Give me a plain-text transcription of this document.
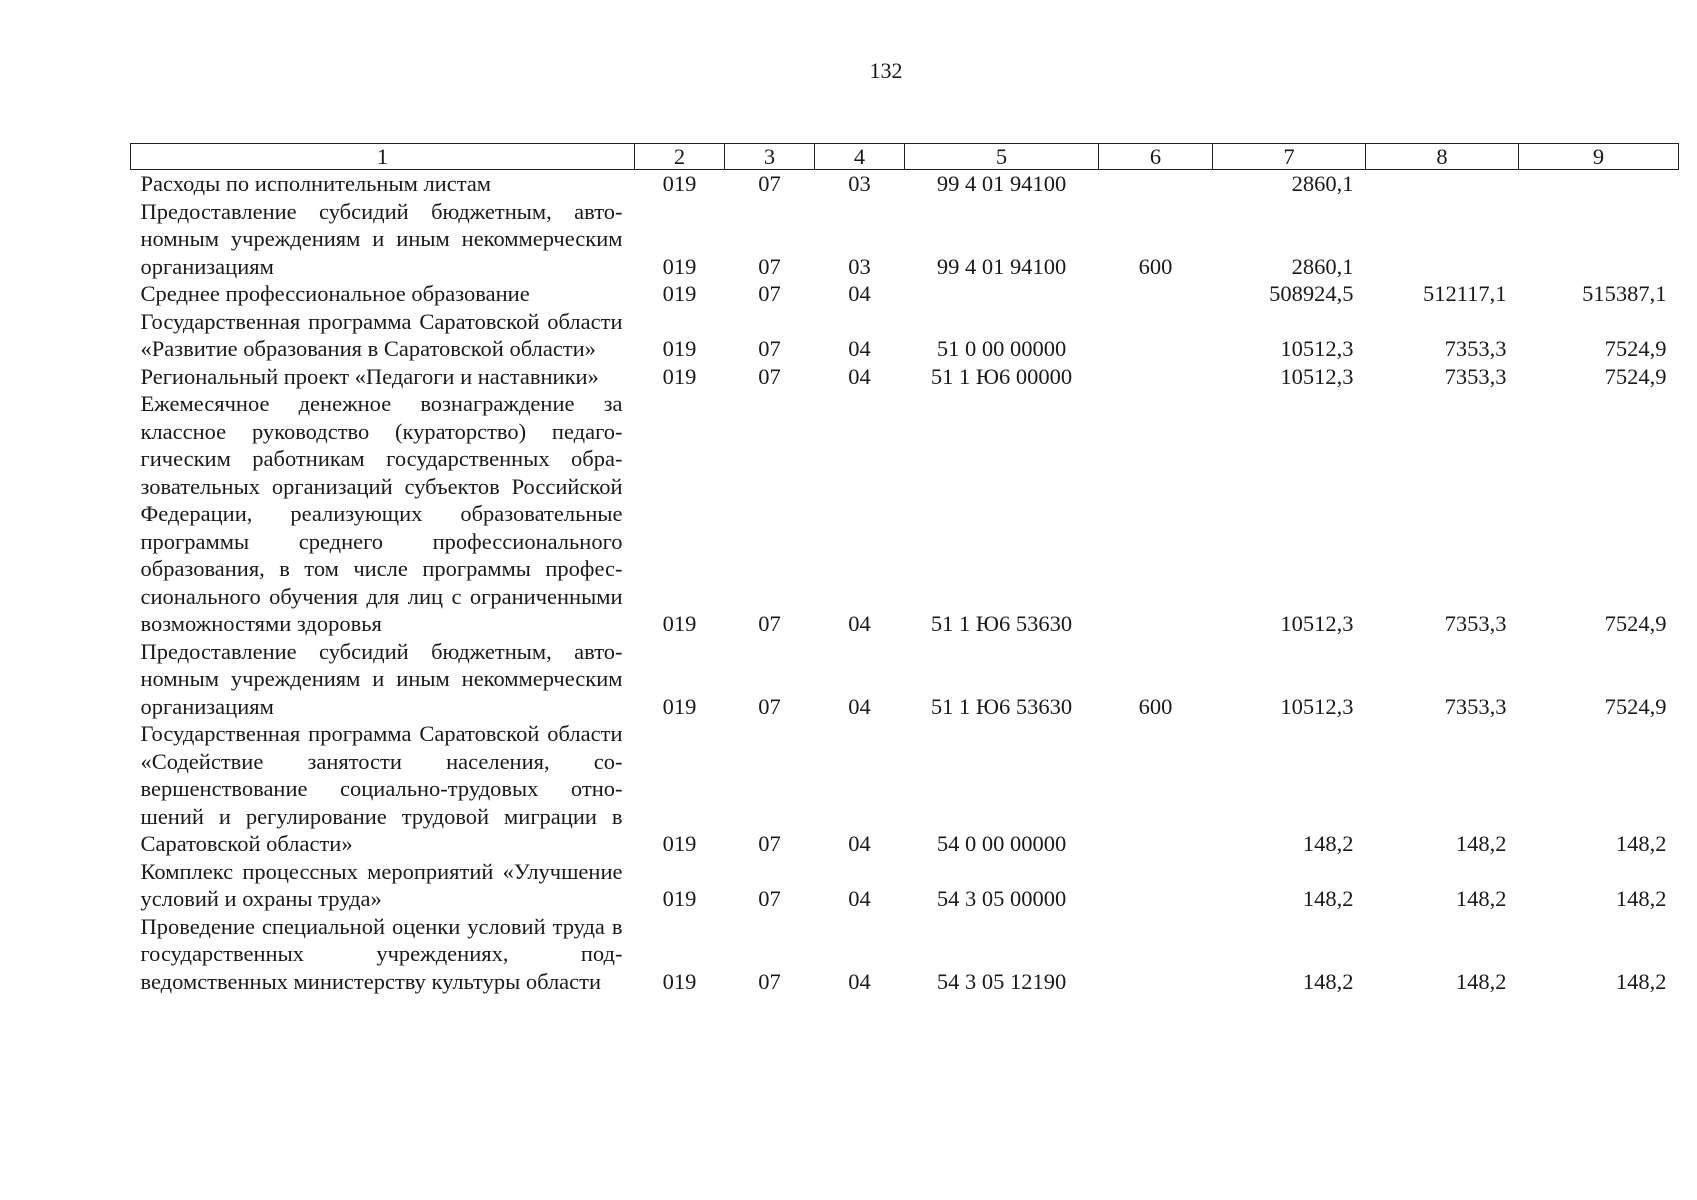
132
1	2	3	4	5	6	7	8	9
Расходы по исполнительным листам	019	07	03	99 4 01 94100		2860,1		
Предоставление субсидий бюджетным, автономным учреждениям и иным некоммерческим организациям	019	07	03	99 4 01 94100	600	2860,1		
Среднее профессиональное образование	019	07	04			508924,5	512117,1	515387,1
Государственная программа Саратовской области «Развитие образования в Саратовской области»	019	07	04	51 0 00 00000		10512,3	7353,3	7524,9
Региональный проект «Педагоги и наставники»	019	07	04	51 1 Ю6 00000		10512,3	7353,3	7524,9
Ежемесячное денежное вознаграждение за классное руководство (кураторство) педагогическим работникам государственных образовательных организаций субъектов Российской Федерации, реализующих образовательные программы среднего профессионального образования, в том числе программы профессионального обучения для лиц с ограниченными возможностями здоровья	019	07	04	51 1 Ю6 53630		10512,3	7353,3	7524,9
Предоставление субсидий бюджетным, автономным учреждениям и иным некоммерческим организациям	019	07	04	51 1 Ю6 53630	600	10512,3	7353,3	7524,9
Государственная программа Саратовской области «Содействие занятости населения, совершенствование социально-трудовых отношений и регулирование трудовой миграции в Саратовской области»	019	07	04	54 0 00 00000		148,2	148,2	148,2
Комплекс процессных мероприятий «Улучшение условий и охраны труда»	019	07	04	54 3 05 00000		148,2	148,2	148,2
Проведение специальной оценки условий труда в государственных учреждениях, подведомственных министерству культуры области	019	07	04	54 3 05 12190		148,2	148,2	148,2
